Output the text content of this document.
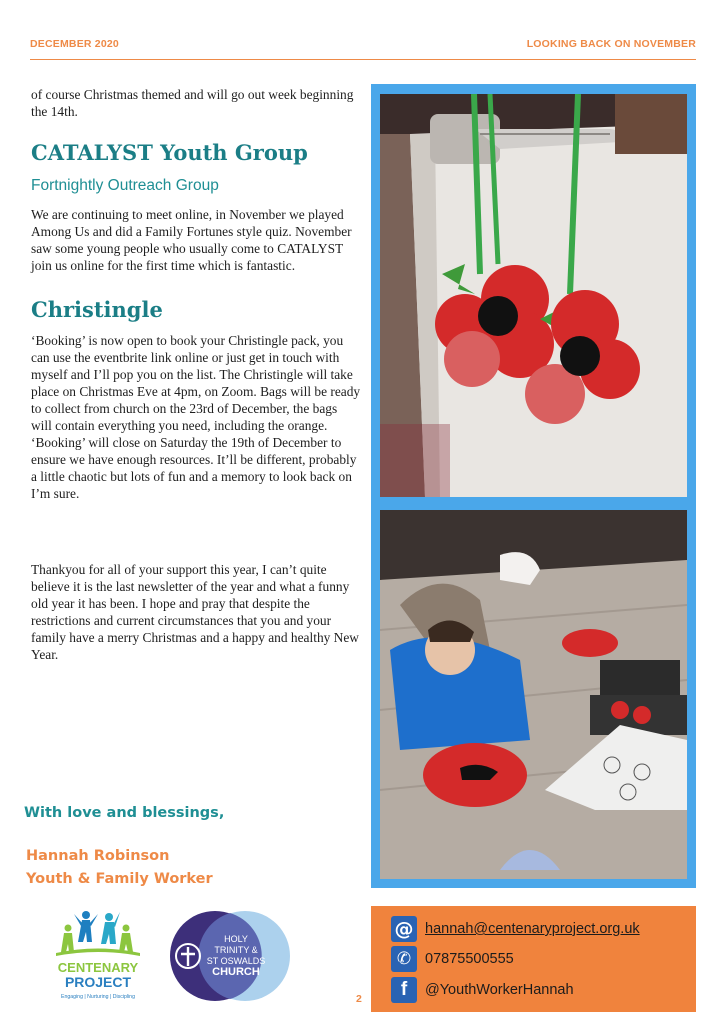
DECEMBER 2020	LOOKING BACK ON NOVEMBER

of course Christmas themed and will go out week beginning the 14th.

CATALYST Youth Group
Fortnightly Outreach Group

We are continuing to meet online, in November we played Among Us and did a Family Fortunes style quiz. November saw some young people who usually come to CATALYST join us online for the first time which is fantastic.

Christingle

‘Booking’ is now open to book your Christingle pack, you can use the eventbrite link online or just get in touch with myself and I’ll pop you on the list. The Christingle will take place on Christmas Eve at 4pm, on Zoom. Bags will be ready to collect from church on the 23rd of December, the bags will contain everything you need, including the orange. ‘Booking’ will close on Saturday the 19th of December to ensure we have enough resources. It’ll be different, probably a little chaotic but lots of fun and a memory to look back on I’m sure.

Thankyou for all of your support this year, I can’t quite believe it is the last newsletter of the year and what a funny old year it has been. I hope and pray that despite the restrictions and current circumstances that you and your family have a merry Christmas and a happy and healthy New Year.

With love and blessings,
Hannah Robinson
Youth & Family Worker
CENTENARY
PROJECT
Engaging | Nurturing | Discipling
HOLY
TRINITY &
ST OSWALDS
CHURCH
@ hannah@centenaryproject.org.uk
✆ 07875500555
f	@YouthWorkerHannah
2
